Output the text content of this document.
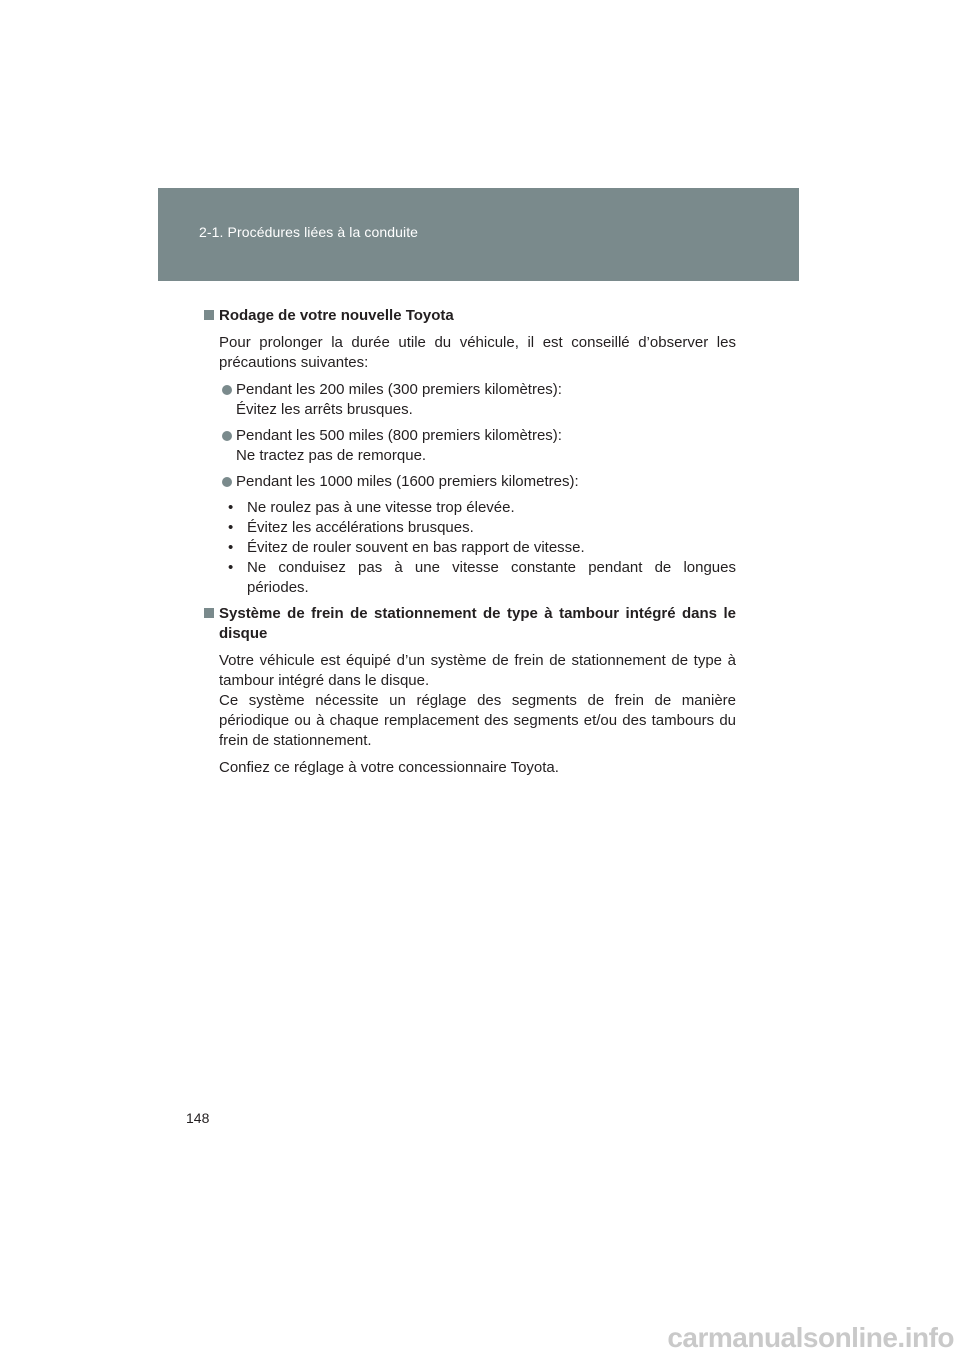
2-1. Procédures liées à la conduite
Rodage de votre nouvelle Toyota
Pour prolonger la durée utile du véhicule, il est conseillé d’observer les
précautions suivantes:
Pendant les 200 miles (300 premiers kilomètres):
Évitez les arrêts brusques.
Pendant les 500 miles (800 premiers kilomètres):
Ne tractez pas de remorque.
Pendant les 1000 miles (1600 premiers kilometres):
• Ne roulez pas à une vitesse trop élevée.
• Évitez les accélérations brusques.
• Évitez de rouler souvent en bas rapport de vitesse.
• Ne conduisez pas à une vitesse constante pendant de longues
périodes.
Système de frein de stationnement de type à tambour intégré dans le
disque
Votre véhicule est équipé d’un système de frein de stationnement de type à
tambour intégré dans le disque.
Ce système nécessite un réglage des segments de frein de manière
périodique ou à chaque remplacement des segments et/ou des tambours du
frein de stationnement.
Confiez ce réglage à votre concessionnaire Toyota.
148
carmanualsonline.info
